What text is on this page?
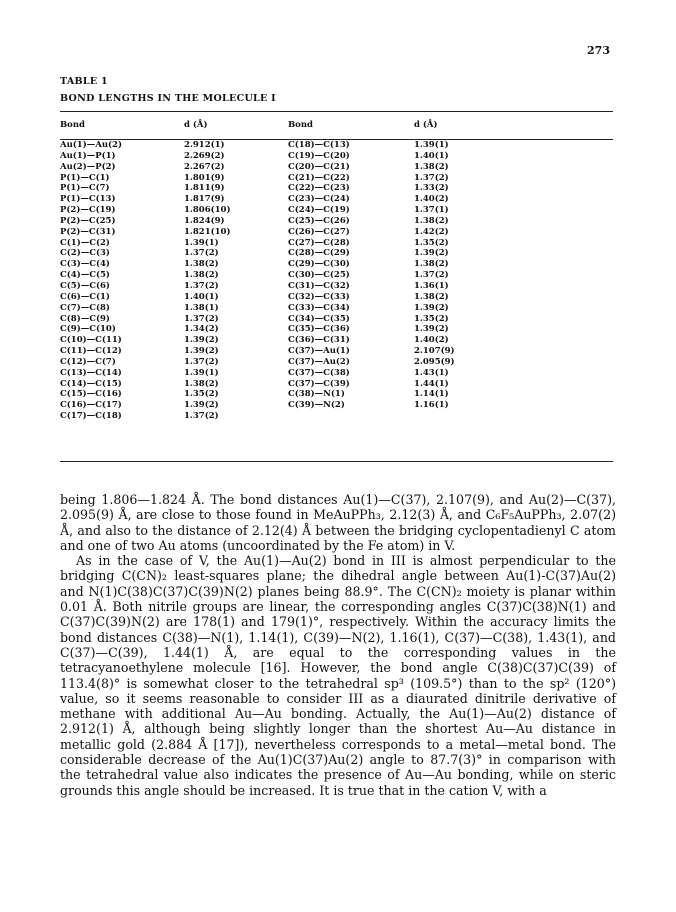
273
TABLE 1
BOND LENGTHS IN THE MOLECULE I
Bond	d (Å)	Bond	d (Å)
Au(1)—Au(2)	2.912(1)	C(18)—C(13)	1.39(1)
Au(1)—P(1)	2.269(2)	C(19)—C(20)	1.40(1)
Au(2)—P(2)	2.267(2)	C(20)—C(21)	1.38(2)
P(1)—C(1)	1.801(9)	C(21)—C(22)	1.37(2)
P(1)—C(7)	1.811(9)	C(22)—C(23)	1.33(2)
P(1)—C(13)	1.817(9)	C(23)—C(24)	1.40(2)
P(2)—C(19)	1.806(10)	C(24)—C(19)	1.37(1)
P(2)—C(25)	1.824(9)	C(25)—C(26)	1.38(2)
P(2)—C(31)	1.821(10)	C(26)—C(27)	1.42(2)
C(1)—C(2)	1.39(1)	C(27)—C(28)	1.35(2)
C(2)—C(3)	1.37(2)	C(28)—C(29)	1.39(2)
C(3)—C(4)	1.38(2)	C(29)—C(30)	1.38(2)
C(4)—C(5)	1.38(2)	C(30)—C(25)	1.37(2)
C(5)—C(6)	1.37(2)	C(31)—C(32)	1.36(1)
C(6)—C(1)	1.40(1)	C(32)—C(33)	1.38(2)
C(7)—C(8)	1.38(1)	C(33)—C(34)	1.39(2)
C(8)—C(9)	1.37(2)	C(34)—C(35)	1.35(2)
C(9)—C(10)	1.34(2)	C(35)—C(36)	1.39(2)
C(10)—C(11)	1.39(2)	C(36)—C(31)	1.40(2)
C(11)—C(12)	1.39(2)	C(37)—Au(1)	2.107(9)
C(12)—C(7)	1.37(2)	C(37)—Au(2)	2.095(9)
C(13)—C(14)	1.39(1)	C(37)—C(38)	1.43(1)
C(14)—C(15)	1.38(2)	C(37)—C(39)	1.44(1)
C(15)—C(16)	1.35(2)	C(38)—N(1)	1.14(1)
C(16)—C(17)	1.39(2)	C(39)—N(2)	1.16(1)
C(17)—C(18)	1.37(2)		

being 1.806—1.824 Å. The bond distances Au(1)—C(37), 2.107(9), and Au(2)—C(37), 2.095(9) Å, are close to those found in MeAuPPh₃, 2.12(3) Å, and C₆F₅AuPPh₃, 2.07(2) Å, and also to the distance of 2.12(4) Å between the bridging cyclopentadienyl C atom and one of two Au atoms (uncoordinated by the Fe atom) in V.

As in the case of V, the Au(1)—Au(2) bond in III is almost perpendicular to the bridging C(CN)₂ least-squares plane; the dihedral angle between Au(1)-C(37)Au(2) and N(1)C(38)C(37)C(39)N(2) planes being 88.9°. The C(CN)₂ moiety is planar within 0.01 Å. Both nitrile groups are linear, the corresponding angles C(37)C(38)N(1) and C(37)C(39)N(2) are 178(1) and 179(1)°, respectively. Within the accuracy limits the bond distances C(38)—N(1), 1.14(1), C(39)—N(2), 1.16(1), C(37)—C(38), 1.43(1), and C(37)—C(39), 1.44(1) Å, are equal to the corresponding values in the tetracyanoethylene molecule [16]. However, the bond angle C(38)C(37)C(39) of 113.4(8)° is somewhat closer to the tetrahedral sp³ (109.5°) than to the sp² (120°) value, so it seems reasonable to consider III as a diaurated dinitrile derivative of methane with additional Au—Au bonding. Actually, the Au(1)—Au(2) distance of 2.912(1) Å, although being slightly longer than the shortest Au—Au distance in metallic gold (2.884 Å [17]), nevertheless corresponds to a metal—metal bond. The considerable decrease of the Au(1)C(37)Au(2) angle to 87.7(3)° in comparison with the tetrahedral value also indicates the presence of Au—Au bonding, while on steric grounds this angle should be increased. It is true that in the cation V, with a
